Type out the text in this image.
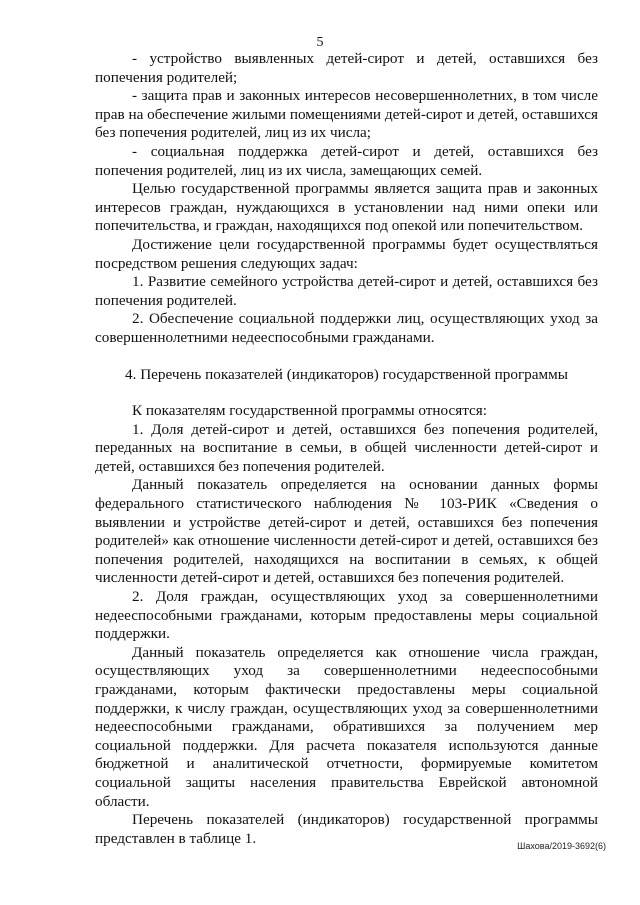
5

- устройство выявленных детей-сирот и детей, оставшихся без попечения родителей;

- защита прав и законных интересов несовершеннолетних, в том числе прав на обеспечение жилыми помещениями детей-сирот и детей, оставшихся без попечения родителей, лиц из их числа;

- социальная поддержка детей-сирот и детей, оставшихся без попечения родителей, лиц из их числа, замещающих семей.

Целью государственной программы является защита прав и законных интересов граждан, нуждающихся в установлении над ними опеки или попечительства, и граждан, находящихся под опекой или попечительством.

Достижение цели государственной программы будет осуществляться посредством решения следующих задач:

1. Развитие семейного устройства детей-сирот и детей, оставшихся без попечения родителей.

2. Обеспечение социальной поддержки лиц, осуществляющих уход за совершеннолетними недееспособными гражданами.

4. Перечень показателей (индикаторов) государственной программы

К показателям государственной программы относятся:

1. Доля детей-сирот и детей, оставшихся без попечения родителей, переданных на воспитание в семьи, в общей численности детей-сирот и детей, оставшихся без попечения родителей.

Данный показатель определяется на основании данных формы федерального статистического наблюдения № 103-РИК «Сведения о выявлении и устройстве детей-сирот и детей, оставшихся без попечения родителей» как отношение численности детей-сирот и детей, оставшихся без попечения родителей, находящихся на воспитании в семьях, к общей численности детей-сирот и детей, оставшихся без попечения родителей.

2. Доля граждан, осуществляющих уход за совершеннолетними недееспособными гражданами, которым предоставлены меры социальной поддержки.

Данный показатель определяется как отношение числа граждан, осуществляющих уход за совершеннолетними недееспособными гражданами, которым фактически предоставлены меры социальной поддержки, к числу граждан, осуществляющих уход за совершеннолетними недееспособными гражданами, обратившихся за получением мер социальной поддержки. Для расчета показателя используются данные бюджетной и аналитической отчетности, формируемые комитетом социальной защиты населения правительства Еврейской автономной области.

Перечень показателей (индикаторов) государственной программы представлен в таблице 1.	Шахова/2019-3692(6)
